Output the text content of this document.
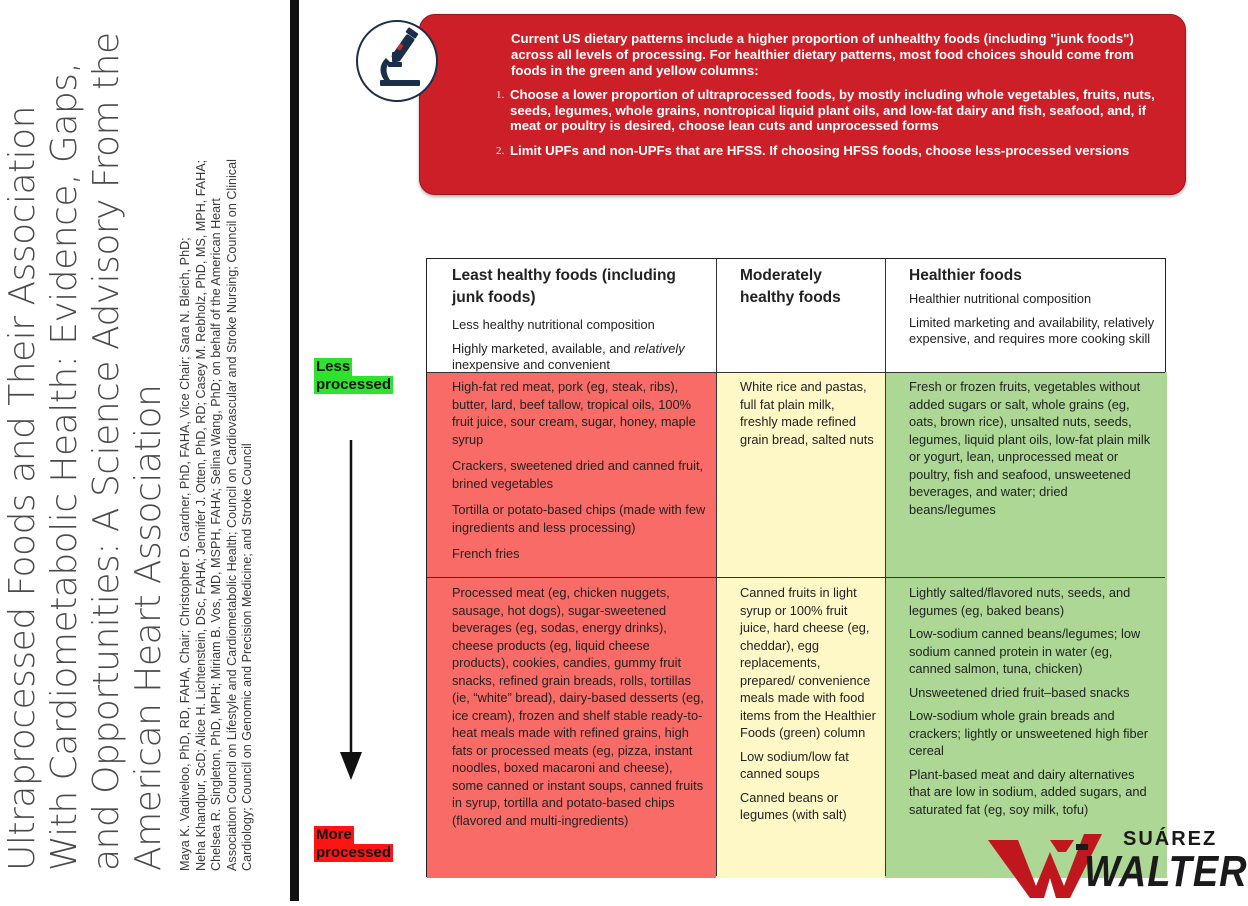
Ultraprocessed Foods and Their Association With Cardiometabolic Health: Evidence, Gaps, and Opportunities: A Science Advisory From the American Heart Association Maya K. Vadiveloo, PhD, RD, FAHA, Chair; Christopher D. Gardner, PhD, FAHA, Vice Chair; Sara N. Bleich, PhD; Neha Khandpur, ScD; Alice H. Lichtenstein, DSc, FAHA; Jennifer J. Otten, PhD, RD; Casey M. Rebholz, PhD, MS, MPH, FAHA; Chelsea R. Singleton, PhD, MPH; Miriam B. Vos, MD, MSPH, FAHA; Selina Wang, PhD; on behalf of the American Heart Association Council on Lifestyle and Cardiometabolic Health; Council on Cardiovascular and Stroke Nursing; Council on Clinical Cardiology; Council on Genomic and Precision Medicine; and Stroke Council
Current US dietary patterns include a higher proportion of unhealthy foods (including "junk foods") across all levels of processing. For healthier dietary patterns, most food choices should come from foods in the green and yellow columns:
1. Choose a lower proportion of ultraprocessed foods, by mostly including whole vegetables, fruits, nuts, seeds, legumes, whole grains, nontropical liquid plant oils, and low-fat dairy and fish, seafood, and, if meat or poultry is desired, choose lean cuts and unprocessed forms
2. Limit UPFs and non-UPFs that are HFSS. If choosing HFSS foods, choose less-processed versions
Less
processed
More
processed
Least healthy foods (including junk foods)
Less healthy nutritional composition
Highly marketed, available, and relatively inexpensive and convenient
Moderately healthy foods
Healthier foods
Healthier nutritional composition
Limited marketing and availability, relatively expensive, and requires more cooking skill

High-fat red meat, pork (eg, steak, ribs), butter, lard, beef tallow, tropical oils, 100% fruit juice, sour cream, sugar, honey, maple syrup

Crackers, sweetened dried and canned fruit, brined vegetables

Tortilla or potato-based chips (made with few ingredients and less processing)

French fries

White rice and pastas, full fat plain milk, freshly made refined grain bread, salted nuts

Fresh or frozen fruits, vegetables without added sugars or salt, whole grains (eg, oats, brown rice), unsalted nuts, seeds, legumes, liquid plant oils, low-fat plain milk or yogurt, lean, unprocessed meat or poultry, fish and seafood, unsweetened beverages, and water; dried beans/legumes

Processed meat (eg, chicken nuggets, sausage, hot dogs), sugar-sweetened beverages (eg, sodas, energy drinks), cheese products (eg, liquid cheese products), cookies, candies, gummy fruit snacks, refined grain breads, rolls, tortillas (ie, “white” bread), dairy-based desserts (eg, ice cream), frozen and shelf stable ready-to-heat meals made with refined grains, high fats or processed meats (eg, pizza, instant noodles, boxed macaroni and cheese), some canned or instant soups, canned fruits in syrup, tortilla and potato-based chips (flavored and multi-ingredients)

Canned fruits in light syrup or 100% fruit juice, hard cheese (eg, cheddar), egg replacements, prepared/ convenience meals made with food items from the Healthier Foods (green) column

Low sodium/low fat canned soups

Canned beans or legumes (with salt)

Lightly salted/flavored nuts, seeds, and legumes (eg, baked beans)

Low-sodium canned beans/legumes; low sodium canned protein in water (eg, canned salmon, tuna, chicken)

Unsweetened dried fruit–based snacks

Low-sodium whole grain breads and crackers; lightly or unsweetened high fiber cereal

Plant-based meat and dairy alternatives that are low in sodium, added sugars, and saturated fat (eg, soy milk, tofu)

SUÁREZ
WALTER
